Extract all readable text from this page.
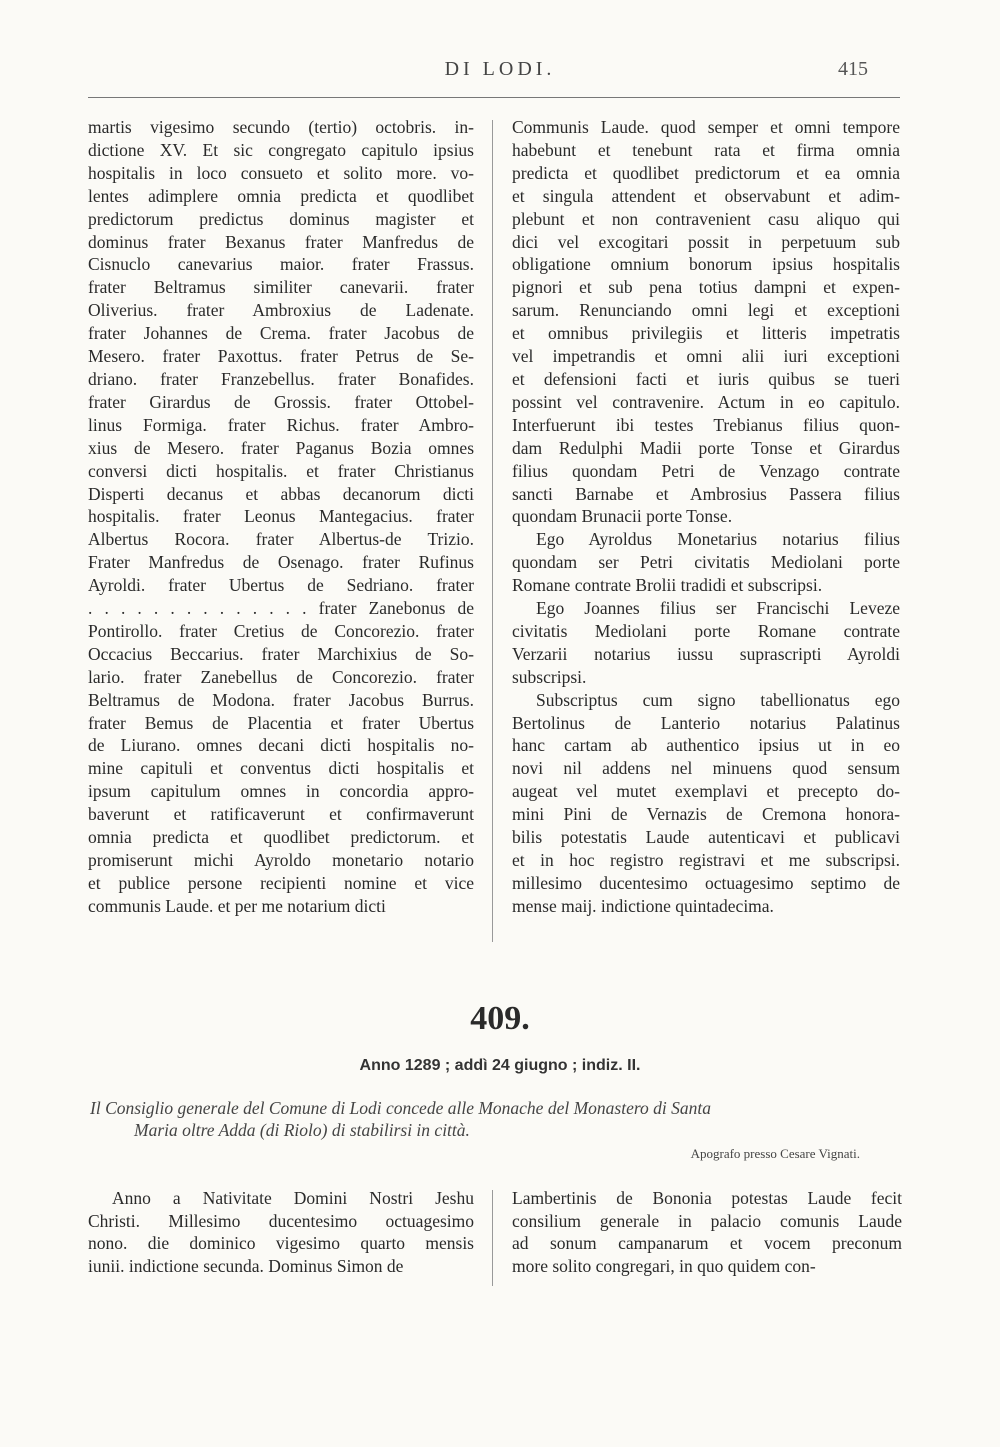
DI LODI.	415
martis vigesimo secundo (tertio) octobris. in-
dictione XV. Et sic congregato capitulo ipsius
hospitalis in loco consueto et solito more. vo-
lentes adimplere omnia predicta et quodlibet
predictorum predictus dominus magister et
dominus frater Bexanus frater Manfredus de
Cisnuclo canevarius maior. frater Frassus.
frater Beltramus similiter canevarii. frater
Oliverius. frater Ambroxius de Ladenate.
frater Johannes de Crema. frater Jacobus de
Mesero. frater Paxottus. frater Petrus de Se-
driano. frater Franzebellus. frater Bonafides.
frater Girardus de Grossis. frater Ottobel-
linus Formiga. frater Richus. frater Ambro-
xius de Mesero. frater Paganus Bozia omnes
conversi dicti hospitalis. et frater Christianus
Disperti decanus et abbas decanorum dicti
hospitalis. frater Leonus Mantegacius. frater
Albertus Rocora. frater Albertus-de Trizio.
Frater Manfredus de Osenago. frater Rufinus
Ayroldi. frater Ubertus de Sedriano. frater
. . . . . . . . . . . . . . frater Zanebonus de
Pontirollo. frater Cretius de Concorezio. frater
Occacius Beccarius. frater Marchixius de So-
lario. frater Zanebellus de Concorezio. frater
Beltramus de Modona. frater Jacobus Burrus.
frater Bemus de Placentia et frater Ubertus
de Liurano. omnes decani dicti hospitalis no-
mine capituli et conventus dicti hospitalis et
ipsum capitulum omnes in concordia appro-
baverunt et ratificaverunt et confirmaverunt
omnia predicta et quodlibet predictorum. et
promiserunt michi Ayroldo monetario notario
et publice persone recipienti nomine et vice
communis Laude. et per me notarium dicti

Communis Laude. quod semper et omni tempore
habebunt et tenebunt rata et firma omnia
predicta et quodlibet predictorum et ea omnia
et singula attendent et observabunt et adim-
plebunt et non contravenient casu aliquo qui
dici vel excogitari possit in perpetuum sub
obligatione omnium bonorum ipsius hospitalis
pignori et sub pena totius dampni et expen-
sarum. Renunciando omni legi et exceptioni
et omnibus privilegiis et litteris impetratis
vel impetrandis et omni alii iuri exceptioni
et defensioni facti et iuris quibus se tueri
possint vel contravenire. Actum in eo capitulo.
Interfuerunt ibi testes Trebianus filius quon-
dam Redulphi Madii porte Tonse et Girardus
filius quondam Petri de Venzago contrate
sancti Barnabe et Ambrosius Passera filius
quondam Brunacii porte Tonse.

Ego Ayroldus Monetarius notarius filius
quondam ser Petri civitatis Mediolani porte
Romane contrate Brolii tradidi et subscripsi.

Ego Joannes filius ser Francischi Leveze
civitatis Mediolani porte Romane contrate
Verzarii notarius iussu suprascripti Ayroldi
subscripsi.

Subscriptus cum signo tabellionatus ego
Bertolinus de Lanterio notarius Palatinus
hanc cartam ab authentico ipsius ut in eo
novi nil addens nel minuens quod sensum
augeat vel mutet exemplavi et precepto do-
mini Pini de Vernazis de Cremona honora-
bilis potestatis Laude autenticavi et publicavi
et in hoc registro registravi et me subscripsi.
millesimo ducentesimo octuagesimo septimo de
mense maij. indictione quintadecima.

409.
Anno 1289 ; addì 24 giugno ; indiz. II.
Il Consiglio generale del Comune di Lodi concede alle Monache del Monastero di Santa
Maria oltre Adda (di Riolo) di stabilirsi in città.
Apografo presso Cesare Vignati.
Anno a Nativitate Domini Nostri Jeshu
Christi. Millesimo ducentesimo octuagesimo
nono. die dominico vigesimo quarto mensis
iunii. indictione secunda. Dominus Simon de
Lambertinis de Bononia potestas Laude fecit
consilium generale in palacio comunis Laude
ad sonum campanarum et vocem preconum
more solito congregari, in quo quidem con-
